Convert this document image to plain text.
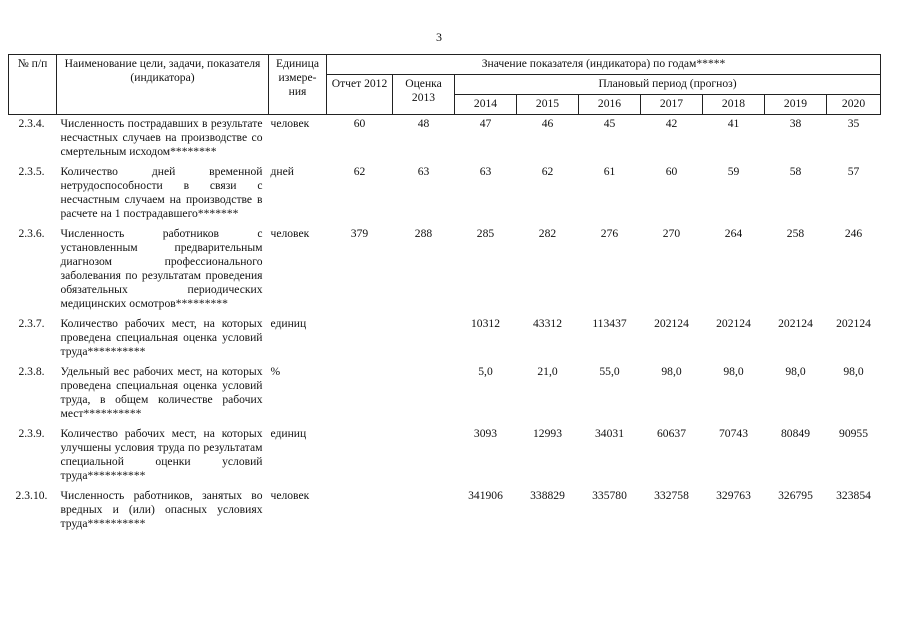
3
№ п/п	Наименование цели, задачи, показателя (индикатора)	Единица измере-ния	Значение показателя (индикатора) по годам*****								
			Отчет 2012	Оценка 2013	Плановый период (прогноз)						
					2014	2015	2016	2017	2018	2019	2020
2.3.4.	Численность пострадавших в результате несчастных случаев на производстве со смертельным исходом********	человек	60	48	47	46	45	42	41	38	35
2.3.5.	Количество дней временной нетрудоспособности в связи с несчастным случаем на производстве в расчете на 1 пострадавшего*******	дней	62	63	63	62	61	60	59	58	57
2.3.6.	Численность работников с установленным предварительным диагнозом профессионального заболевания по результатам проведения обязательных периодических медицинских осмотров*********	человек	379	288	285	282	276	270	264	258	246
2.3.7.	Количество рабочих мест, на которых проведена специальная оценка условий труда**********	единиц			10312	43312	113437	202124	202124	202124	202124
2.3.8.	Удельный вес рабочих мест, на которых проведена специальная оценка условий труда, в общем количестве рабочих мест**********	%			5,0	21,0	55,0	98,0	98,0	98,0	98,0
2.3.9.	Количество рабочих мест, на которых улучшены условия труда по результатам специальной оценки условий труда**********	единиц			3093	12993	34031	60637	70743	80849	90955
2.3.10.	Численность работников, занятых во вредных и (или) опасных условиях труда**********	человек			341906	338829	335780	332758	329763	326795	323854
